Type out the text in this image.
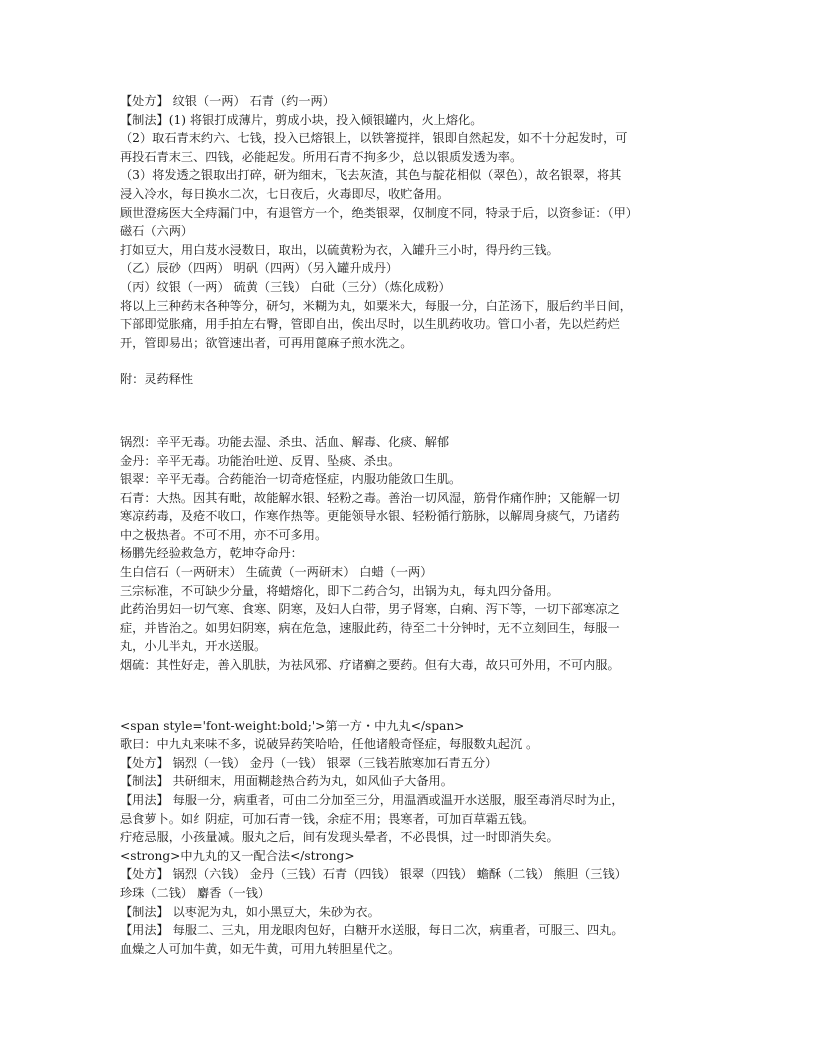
【处方】 纹银（一两） 石青（约一两）
【制法】(1) 将银打成薄片，剪成小块，投入倾银罐内，火上熔化。
（2）取石青末约六、七钱，投入已熔银上，以铁箸搅拌，银即自然起发，如不十分起发时，可
再投石青末三、四钱，必能起发。所用石青不拘多少，总以银质发透为率。
（3）将发透之银取出打碎，研为细末，飞去灰渣，其色与靛花相似（翠色），故名银翠，将其
浸入冷水，每日换水二次，七日夜后，火毒即尽，收贮备用。
顾世澄疡医大全痔漏门中，有退管方一个，绝类银翠，仅制度不同，特录于后，以资参证：（甲）
磁石（六两）
打如豆大，用白芨水浸数日，取出，以硫黄粉为衣，入罐升三小时，得丹约三钱。
（乙）辰砂（四两） 明矾（四两）（另入罐升成丹）
（丙）纹银（一两） 硫黄（三钱） 白砒（三分）（炼化成粉）
将以上三种药末各种等分，研匀，米糊为丸，如粟米大，每服一分，白芷汤下，服后约半日间，
下部即觉胀痛，用手拍左右臀，管即自出，俟出尽时，以生肌药收功。管口小者，先以烂药烂
开，管即易出；欲管速出者，可再用蓖麻子煎水洗之。
附：灵药释性
锅烈：辛平无毒。功能去湿、杀虫、活血、解毒、化痰、解郁
金丹：辛平无毒。功能治吐逆、反胃、坠痰、杀虫。
银翠：辛平无毒。合药能治一切奇疮怪症，内服功能敛口生肌。
石青：大热。因其有毗，故能解水银、轻粉之毒。善治一切风湿，筋骨作痛作肿；又能解一切
寒凉药毒，及疮不收口，作寒作热等。更能领导水银、轻粉循行筋脉，以解周身痰气，乃诸药
中之极热者。不可不用，亦不可多用。
杨鹏先经验救急方，乾坤夺命丹：
生白信石（一两研末） 生硫黄（一两研末） 白蜡（一两）
三宗标准，不可缺少分量，将蜡熔化，即下二药合匀，出锅为丸，每丸四分备用。
此药治男妇一切气寒、食寒、阴寒，及妇人白带，男子肾寒，白痢、泻下等，一切下部寒凉之
症，并皆治之。如男妇阴寒，病在危急，速服此药，待至二十分钟时，无不立刻回生，每服一
丸，小儿半丸，开水送服。
烟硫：其性好走，善入肌肤，为祛风邪、疗诸癣之要药。但有大毒，故只可外用，不可内服。
<span style='font-weight:bold;'>第一方・中九丸</span>
歌曰：中九丸来味不多，说破异药笑哈哈，任他诸般奇怪症，每服数丸起沉 。
【处方】 锅烈（一钱） 金丹（一钱） 银翠（三钱若脓寒加石青五分）
【制法】 共研细末，用面糊趁热合药为丸，如风仙子大备用。
【用法】 每服一分，病重者，可由二分加至三分，用温酒或温开水送服，服至毒消尽时为止，
忌食萝卜。如纟阴症，可加石青一钱，余症不用；畏寒者，可加百草霜五钱。
疔疮忌服，小孩量减。服丸之后，间有发现头晕者，不必畏惧，过一时即消失矣。
<strong>中九丸的又一配合法</strong>
【处方】 锅烈（六钱） 金丹（三钱）石青（四钱） 银翠（四钱） 蟾酥（二钱） 熊胆（三钱）
珍珠（二钱） 麝香（一钱）
【制法】 以枣泥为丸，如小黑豆大，朱砂为衣。
【用法】 每服二、三丸，用龙眼肉包好，白糖开水送服，每日二次，病重者，可服三、四丸。
血燥之人可加牛黄，如无牛黄，可用九转胆星代之。
